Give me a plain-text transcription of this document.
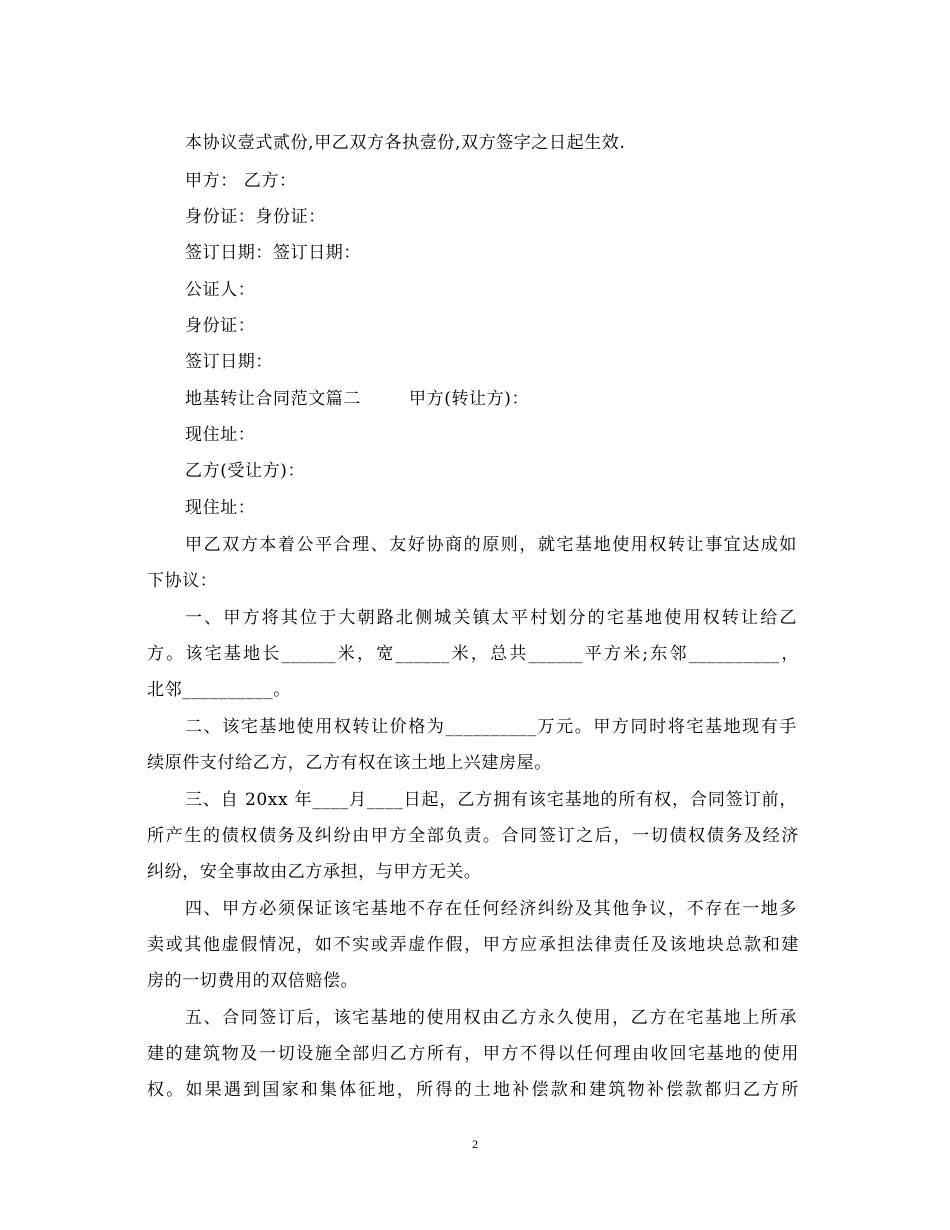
本协议壹式贰份,甲乙双方各执壹份,双方签字之日起生效.
甲方： 乙方：
身份证：身份证：
签订日期：签订日期：
公证人：
身份证：
签订日期：
地基转让合同范文篇二        甲方(转让方)：
现住址：
乙方(受让方)：
现住址：
甲乙双方本着公平合理、友好协商的原则，就宅基地使用权转让事宜达成如
下协议：
一、甲方将其位于大朝路北侧城关镇太平村划分的宅基地使用权转让给乙
方。该宅基地长______米，宽______米，总共______平方米;东邻__________，
北邻__________。
二、该宅基地使用权转让价格为__________万元。甲方同时将宅基地现有手
续原件支付给乙方，乙方有权在该土地上兴建房屋。
三、自 20xx 年____月____日起，乙方拥有该宅基地的所有权，合同签订前，
所产生的债权债务及纠纷由甲方全部负责。合同签订之后，一切债权债务及经济
纠纷，安全事故由乙方承担，与甲方无关。
四、甲方必须保证该宅基地不存在任何经济纠纷及其他争议，不存在一地多
卖或其他虚假情况，如不实或弄虚作假，甲方应承担法律责任及该地块总款和建
房的一切费用的双倍赔偿。
五、合同签订后，该宅基地的使用权由乙方永久使用，乙方在宅基地上所承
建的建筑物及一切设施全部归乙方所有，甲方不得以任何理由收回宅基地的使用
权。如果遇到国家和集体征地，所得的土地补偿款和建筑物补偿款都归乙方所
2
